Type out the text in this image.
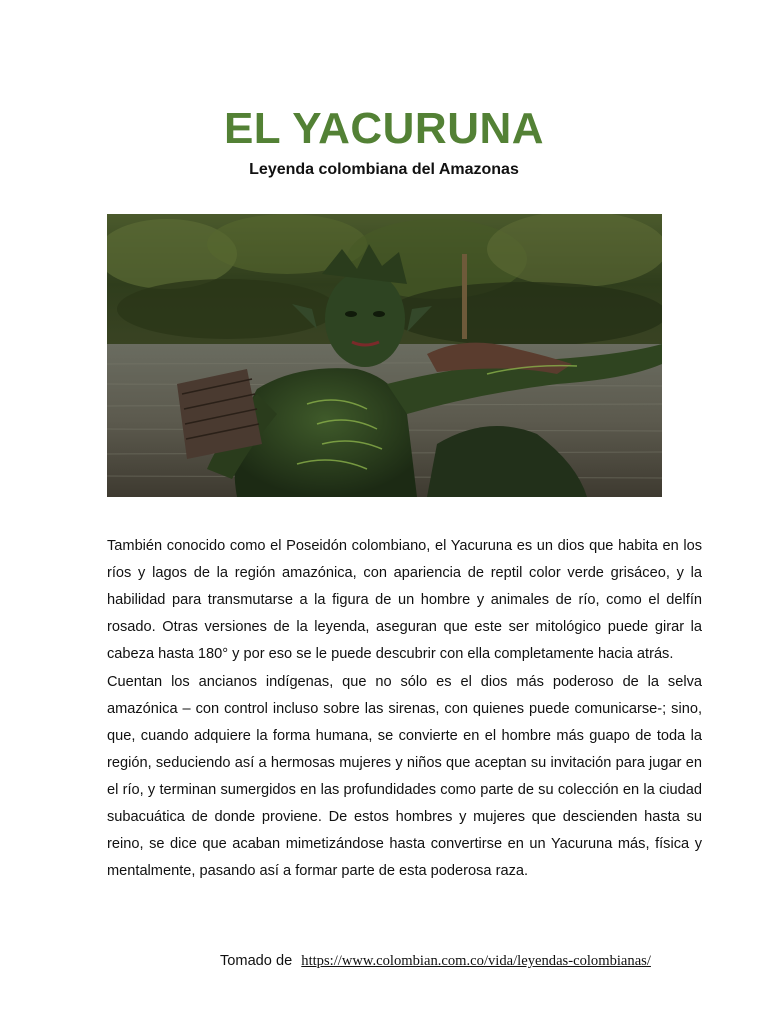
EL YACURUNA
Leyenda colombiana del Amazonas

También conocido como el Poseidón colombiano, el Yacuruna es un dios que habita en los ríos y lagos de la región amazónica, con apariencia de reptil color verde grisáceo, y la habilidad para transmutarse a la figura de un hombre y animales de río, como el delfín rosado. Otras versiones de la leyenda, aseguran que este ser mitológico puede girar la cabeza hasta 180° y por eso se le puede descubrir con ella completamente hacia atrás.

Cuentan los ancianos indígenas, que no sólo es el dios más poderoso de la selva amazónica – con control incluso sobre las sirenas, con quienes puede comunicarse-; sino, que, cuando adquiere la forma humana, se convierte en el hombre más guapo de toda la región, seduciendo así a hermosas mujeres y niños que aceptan su invitación para jugar en el río, y terminan sumergidos en las profundidades como parte de su colección en la ciudad subacuática de donde proviene. De estos hombres y mujeres que descienden hasta su reino, se dice que acaban mimetizándose hasta convertirse en un Yacuruna más, física y mentalmente, pasando así a formar parte de esta poderosa raza.

Tomado de https://www.colombian.com.co/vida/leyendas-colombianas/
